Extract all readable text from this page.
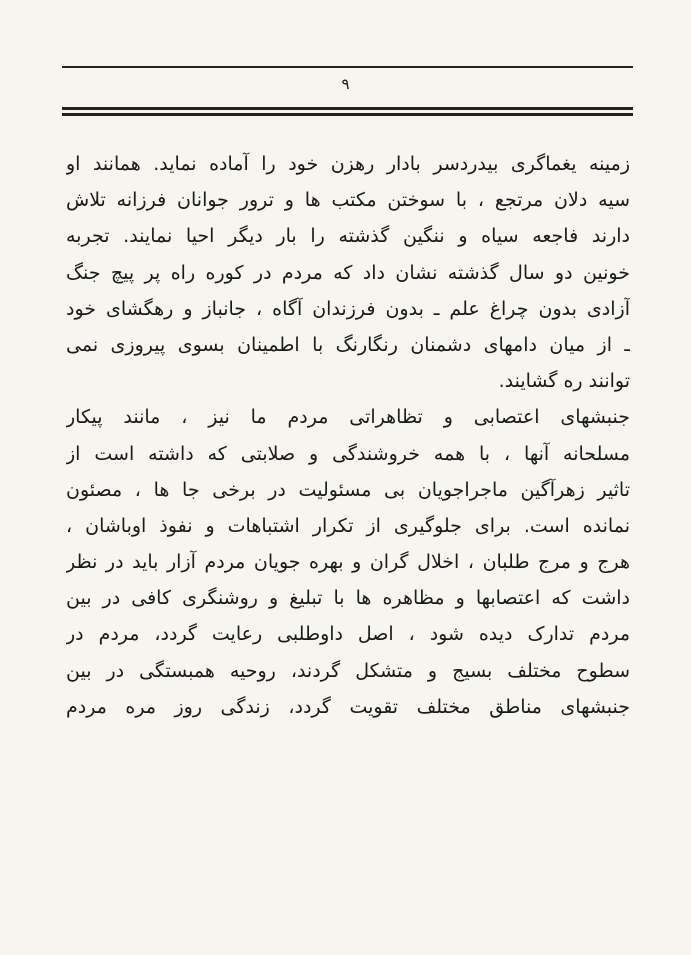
۹
زمینه یغماگری بیدردسر بادار رهزن خود را آماده نماید. همانند او
سیه دلان مرتجع ، با سوختن مکتب ها و ترور جوانان فرزانه تلاش
دارند فاجعه سیاه و ننگین گذشته را بار دیگر احیا نمایند. تجربه
خونین دو سال گذشته نشان داد که مردم در کوره راه پر پیچ جنگ
آزادی بدون چراغ علم ـ بدون فرزندان آگاه ، جانباز و رهگشای خود
ـ از میان دامهای دشمنان رنگارنگ با اطمینان بسوی پیروزی نمی
توانند ره گشایند.
جنبشهای اعتصابی و تظاهراتی مردم ما نیز ، مانند پیکار
مسلحانه آنها ، با همه خروشندگی و صلابتی که داشته است از
تاثیر زهرآگین ماجراجویان بی مسئولیت در برخی جا ها ، مصئون
نمانده است. برای جلوگیری از تکرار اشتباهات و نفوذ اوباشان ،
هرج و مرج طلبان ، اخلال گران و بهره جویان مردم آزار باید در نظر
داشت که اعتصابها و مظاهره ها با تبلیغ و روشنگری کافی در بین
مردم تدارک دیده شود ، اصل داوطلبی رعایت گردد، مردم در
سطوح مختلف بسیج و متشکل گردند، روحیه همبستگی در بین
جنبشهای مناطق مختلف تقویت گردد، زندگی روز مره مردم
